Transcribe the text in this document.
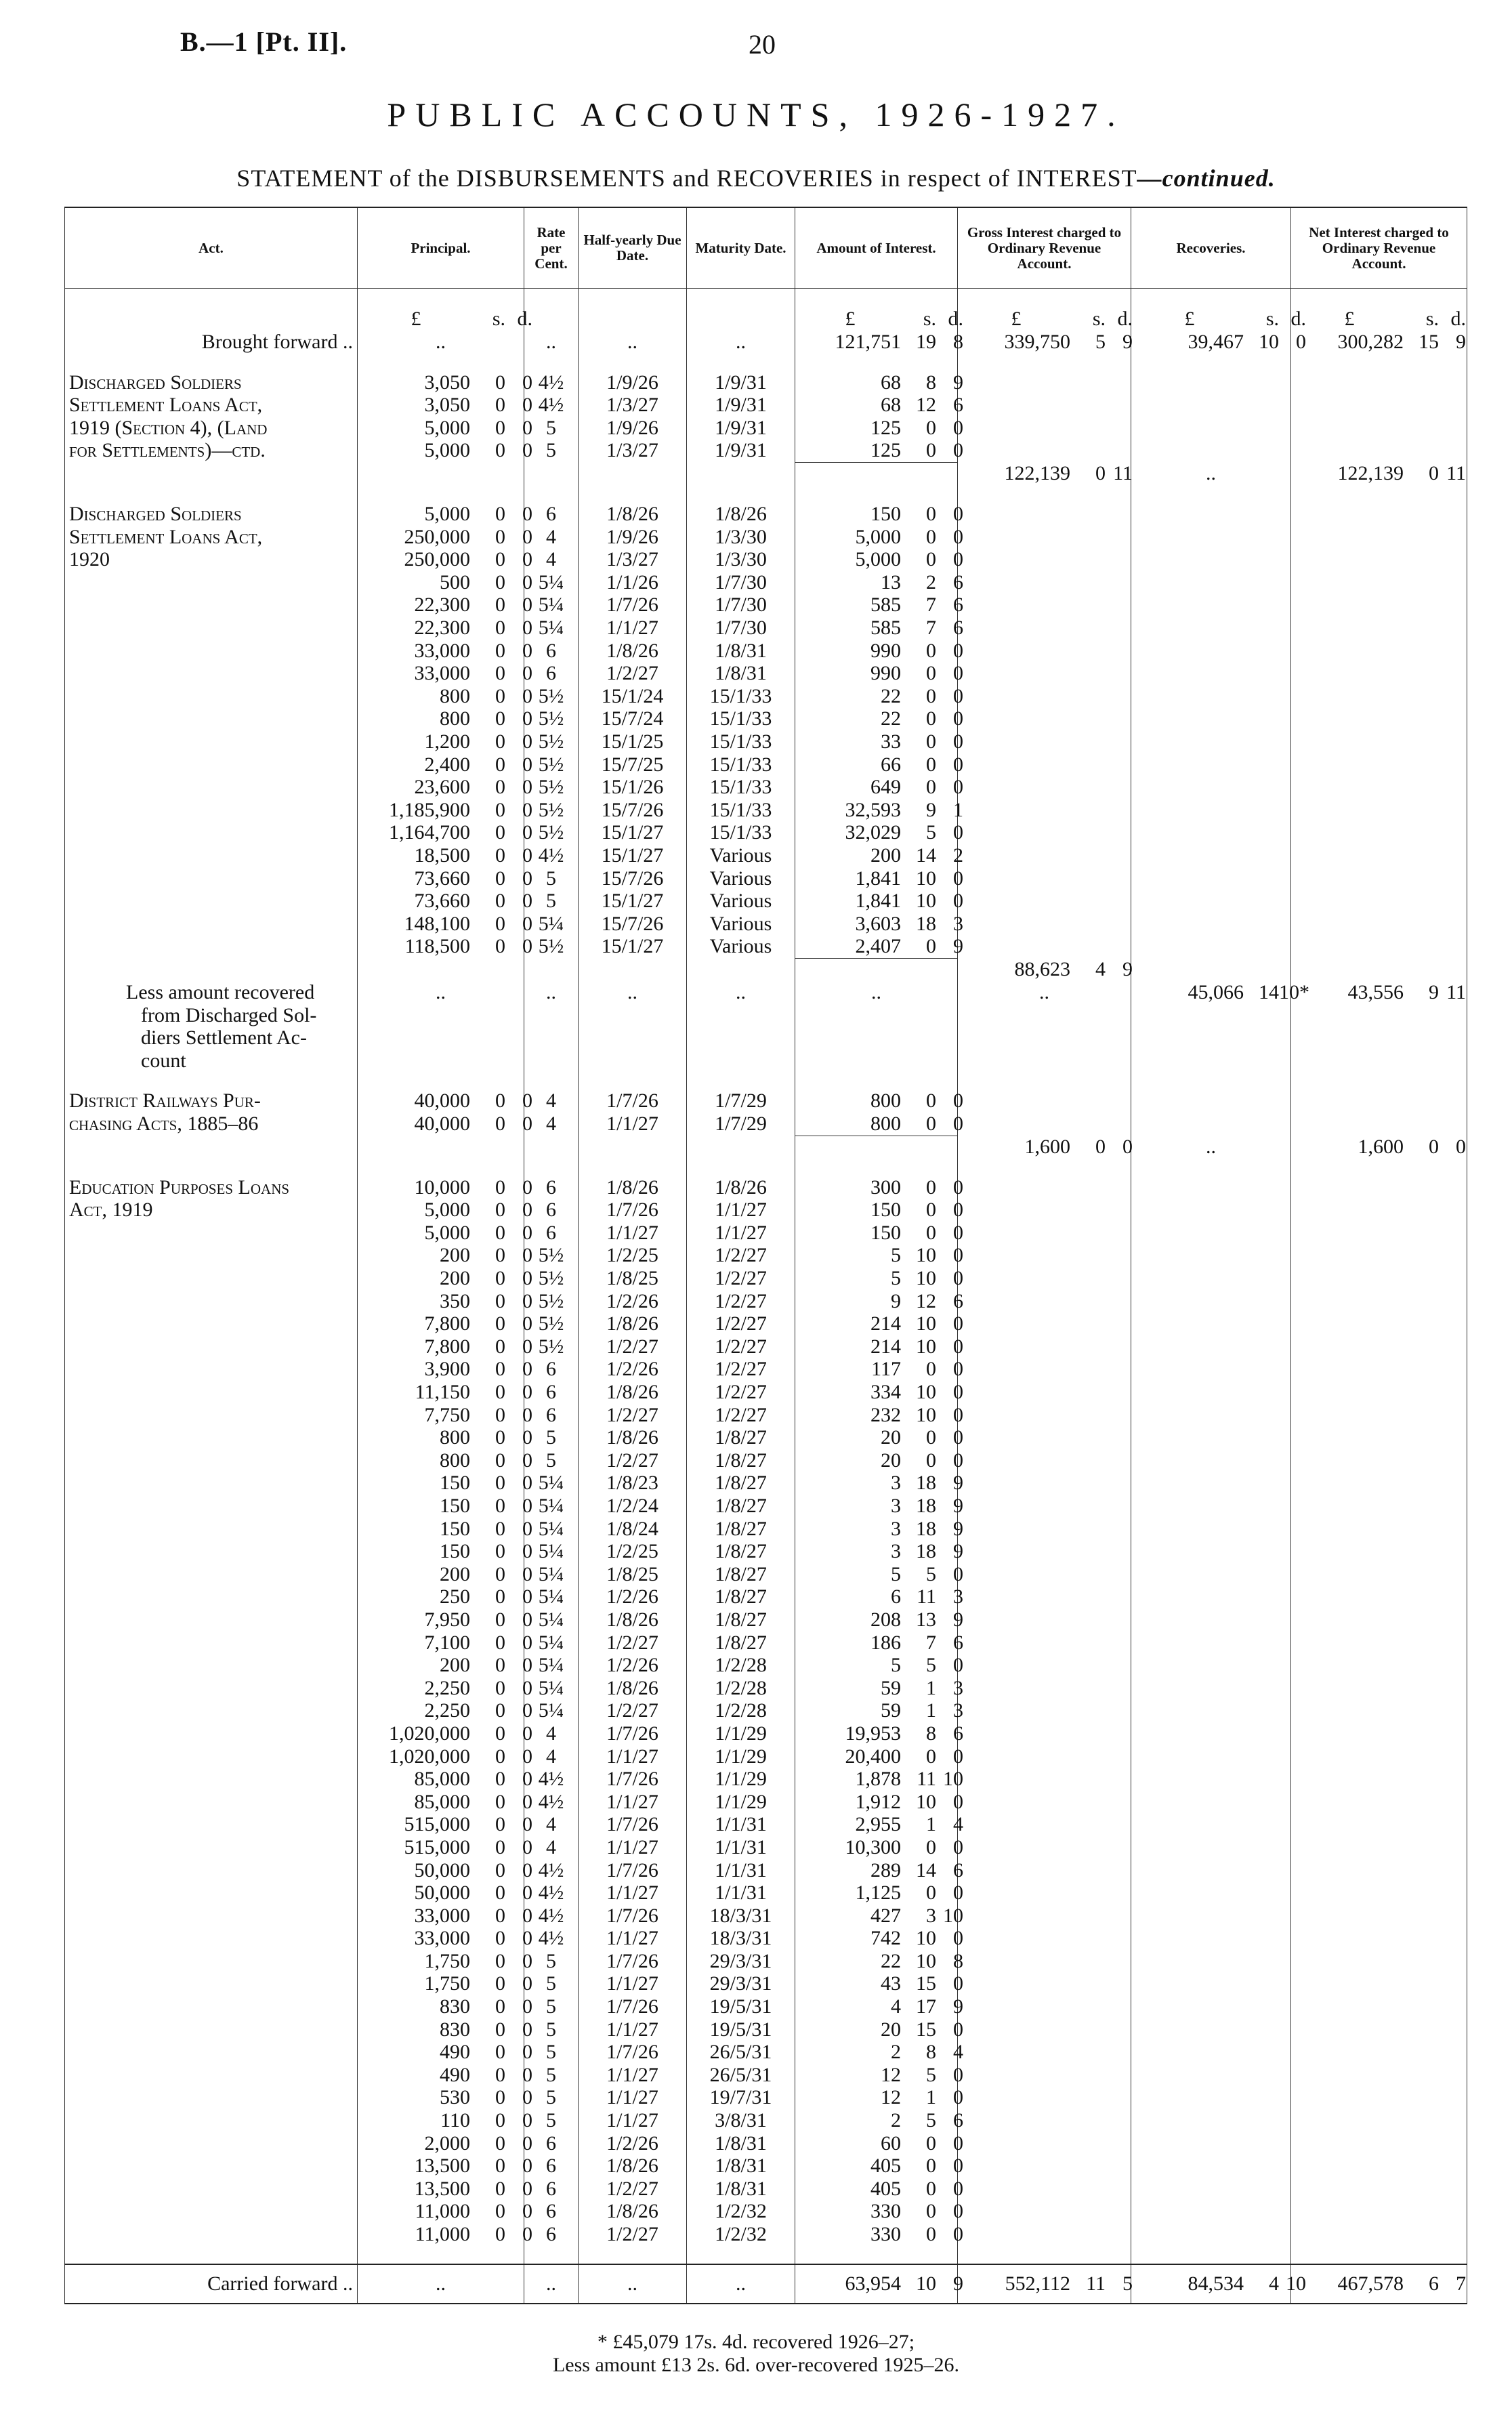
B.—1 [Pt. II].	20
PUBLIC ACCOUNTS, 1926-1927.
STATEMENT of the DISBURSEMENTS and RECOVERIES in respect of INTEREST—continued.
Act.	Principal.	Rate per Cent.	Half-yearly Due Date.	Maturity Date.	Amount of Interest.	Gross Interest charged to Ordinary Revenue Account.	Recoveries.	Net Interest charged to Ordinary Revenue Account.
	£ s. d.				£ s. d.	£ s. d.	£ s. d.	£ s. d.
Brought forward ..	..	..	..	..	121,751 19 8	339,750 5 9	39,467 10 0	300,282 15 9

Discharged Soldiers
Settlement Loans Act,
1919 (Section 4), (Land
for Settlements)—ctd.	3,050 0 0	4½	1/9/26	1/9/31	68 8 9			
	3,050 0 0	4½	1/3/27	1/9/31	68 12 6			
	5,000 0 0	5	1/9/26	1/9/31	125 0 0			
	5,000 0 0	5	1/3/27	1/9/31	125 0 0			
						122,139 0 11	..	122,139 0 11

Discharged Soldiers
Settlement Loans Act,
1920	5,000 0 0	6	1/8/26	1/8/26	150 0 0			
	250,000 0 0	4	1/9/26	1/3/30	5,000 0 0			
	250,000 0 0	4	1/3/27	1/3/30	5,000 0 0			
	500 0 0	5¼	1/1/26	1/7/30	13 2 6			
	22,300 0 0	5¼	1/7/26	1/7/30	585 7 6			
	22,300 0 0	5¼	1/1/27	1/7/30	585 7 6			
	33,000 0 0	6	1/8/26	1/8/31	990 0 0			
	33,000 0 0	6	1/2/27	1/8/31	990 0 0			
	800 0 0	5½	15/1/24	15/1/33	22 0 0			
	800 0 0	5½	15/7/24	15/1/33	22 0 0			
	1,200 0 0	5½	15/1/25	15/1/33	33 0 0			
	2,400 0 0	5½	15/7/25	15/1/33	66 0 0			
	23,600 0 0	5½	15/1/26	15/1/33	649 0 0			
	1,185,900 0 0	5½	15/7/26	15/1/33	32,593 9 1			
	1,164,700 0 0	5½	15/1/27	15/1/33	32,029 5 0			
	18,500 0 0	4½	15/1/27	Various	200 14 2			
	73,660 0 0	5	15/7/26	Various	1,841 10 0			
	73,660 0 0	5	15/1/27	Various	1,841 10 0			
	148,100 0 0	5¼	15/7/26	Various	3,603 18 3			
	118,500 0 0	5½	15/1/27	Various	2,407 0 9			
						88,623 4 9		

Less amount recovered
from Discharged Sol-
diers Settlement Ac-
count	..	..	..	..	..	..	45,066 1410*	43,556 9 11

District Railways Pur-
chasing Acts, 1885–86	40,000 0 0	4	1/7/26	1/7/29	800 0 0			
	40,000 0 0	4	1/1/27	1/7/29	800 0 0			
						1,600 0 0	..	1,600 0 0

Education Purposes Loans
Act, 1919	10,000 0 0	6	1/8/26	1/8/26	300 0 0			
	5,000 0 0	6	1/7/26	1/1/27	150 0 0			
	5,000 0 0	6	1/1/27	1/1/27	150 0 0			
	200 0 0	5½	1/2/25	1/2/27	5 10 0			
	200 0 0	5½	1/8/25	1/2/27	5 10 0			
	350 0 0	5½	1/2/26	1/2/27	9 12 6			
	7,800 0 0	5½	1/8/26	1/2/27	214 10 0			
	7,800 0 0	5½	1/2/27	1/2/27	214 10 0			
	3,900 0 0	6	1/2/26	1/2/27	117 0 0			
	11,150 0 0	6	1/8/26	1/2/27	334 10 0			
	7,750 0 0	6	1/2/27	1/2/27	232 10 0			
	800 0 0	5	1/8/26	1/8/27	20 0 0			
	800 0 0	5	1/2/27	1/8/27	20 0 0			
	150 0 0	5¼	1/8/23	1/8/27	3 18 9			
	150 0 0	5¼	1/2/24	1/8/27	3 18 9			
	150 0 0	5¼	1/8/24	1/8/27	3 18 9			
	150 0 0	5¼	1/2/25	1/8/27	3 18 9			
	200 0 0	5¼	1/8/25	1/8/27	5 5 0			
	250 0 0	5¼	1/2/26	1/8/27	6 11 3			
	7,950 0 0	5¼	1/8/26	1/8/27	208 13 9			
	7,100 0 0	5¼	1/2/27	1/8/27	186 7 6			
	200 0 0	5¼	1/2/26	1/2/28	5 5 0			
	2,250 0 0	5¼	1/8/26	1/2/28	59 1 3			
	2,250 0 0	5¼	1/2/27	1/2/28	59 1 3			
	1,020,000 0 0	4	1/7/26	1/1/29	19,953 8 6			
	1,020,000 0 0	4	1/1/27	1/1/29	20,400 0 0			
	85,000 0 0	4½	1/7/26	1/1/29	1,878 11 10			
	85,000 0 0	4½	1/1/27	1/1/29	1,912 10 0			
	515,000 0 0	4	1/7/26	1/1/31	2,955 1 4			
	515,000 0 0	4	1/1/27	1/1/31	10,300 0 0			
	50,000 0 0	4½	1/7/26	1/1/31	289 14 6			
	50,000 0 0	4½	1/1/27	1/1/31	1,125 0 0			
	33,000 0 0	4½	1/7/26	18/3/31	427 3 10			
	33,000 0 0	4½	1/1/27	18/3/31	742 10 0			
	1,750 0 0	5	1/7/26	29/3/31	22 10 8			
	1,750 0 0	5	1/1/27	29/3/31	43 15 0			
	830 0 0	5	1/7/26	19/5/31	4 17 9			
	830 0 0	5	1/1/27	19/5/31	20 15 0			
	490 0 0	5	1/7/26	26/5/31	2 8 4			
	490 0 0	5	1/1/27	26/5/31	12 5 0			
	530 0 0	5	1/1/27	19/7/31	12 1 0			
	110 0 0	5	1/1/27	3/8/31	2 5 6			
	2,000 0 0	6	1/2/26	1/8/31	60 0 0			
	13,500 0 0	6	1/8/26	1/8/31	405 0 0			
	13,500 0 0	6	1/2/27	1/8/31	405 0 0			
	11,000 0 0	6	1/8/26	1/2/32	330 0 0			
	11,000 0 0	6	1/2/27	1/2/32	330 0 0			

Carried forward ..	..	..	..	..	63,954 10 9	552,112 11 5	84,534 4 10	467,578 6 7
* £45,079 17s. 4d. recovered 1926–27;
Less amount £13 2s. 6d. over-recovered 1925–26.
